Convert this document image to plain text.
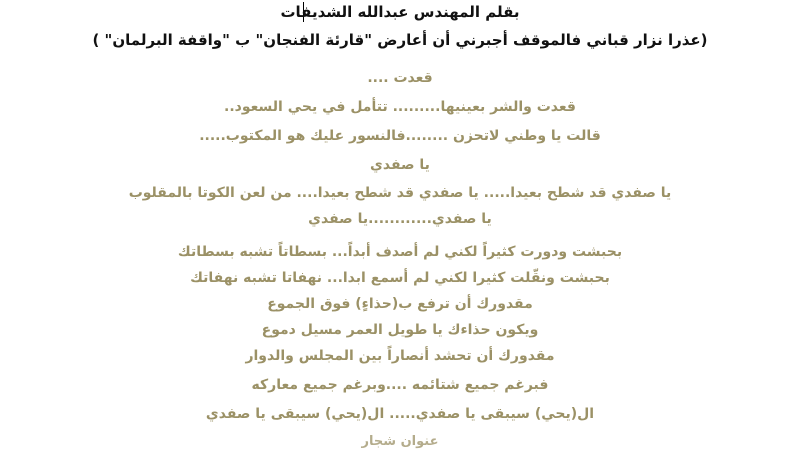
بقلم المهندس عبدالله الشديفات
(عذرا نزار قباني فالموقف أجبرني أن أعارض "قارئة الفنجان" ب "واقفة البرلمان" )
قعدت ....
قعدت والشر بعينيها......... تتأمل في يحي السعود..
قالت يا وطني لاتحزن ........فالنسور عليك هو المكتوب.....
يا صفدي
يا صفدي قد شطح بعيدا..... يا صفدي قد شطح بعيدا.... من لعن الكوتا بالمقلوب
يا صفدي............يا صفدي
بحبشت ودورت كثيراً لكني لم أصدف أبداً... بسطاتاً تشبه بسطاتك
بحبشت ونقّلت كثيرا لكني لم أسمع ابدا... نهفاتا تشبه نهفاتك
مقدورك أن ترفع ب(حذاءٍ) فوق الجموع
ويكون حذاءك يا طويل العمر مسيل دموع
مقدورك أن تحشد أنصاراً بين المجلس والدوار
فبرغم جميع شتائمه ....وبرغم جميع معاركه
ال(يحي) سيبقى يا صفدي..... ال(يحي) سيبقى يا صفدي
عنوان شجار
